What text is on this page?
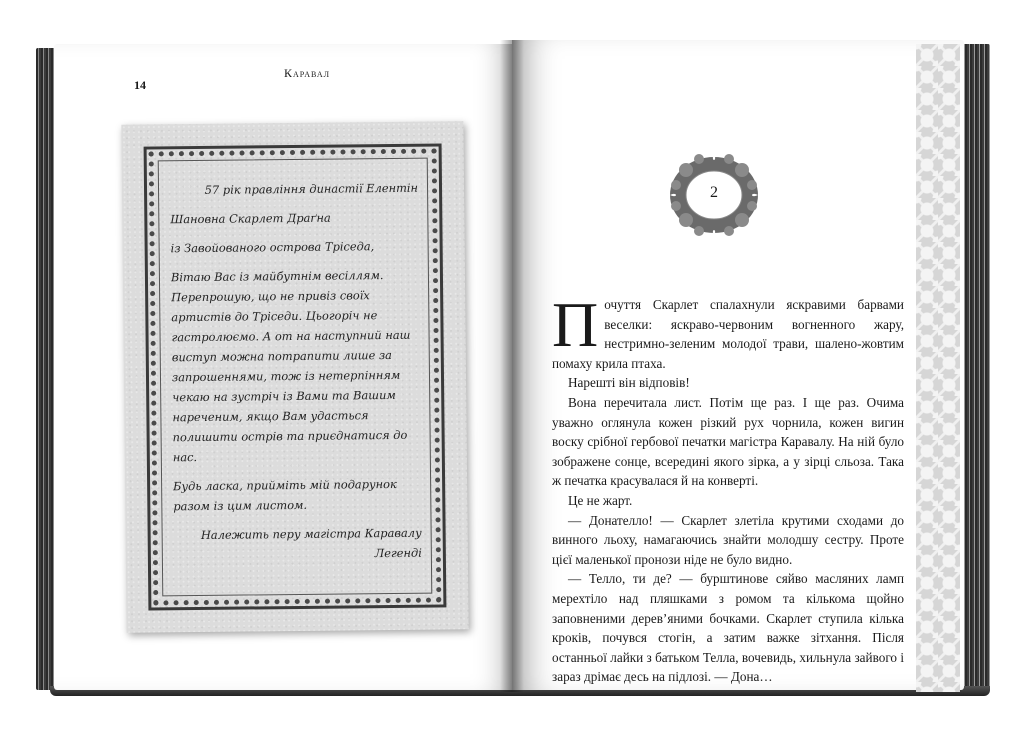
14
Каравал

57 рік правління династії Елентін

Шановна Скарлет Драґна

із Завойованого острова Тріседа,

Вітаю Вас із майбутнім весіллям. Перепрошую, що не привіз своїх артистів до Тріседи. Цьогоріч не гастролюємо. А от на наступний наш виступ можна потрапити лише за запрошеннями, тож із нетерпінням чекаю на зустріч із Вами та Вашим нареченим, якщо Вам удасться полишити острів та приєднатися до нас.

Будь ласка, прийміть мій подарунок разом із цим листом.

Належить перу магістра Каравалу

Легенді

2
П очуття Скарлет спалахнули яскравими барвами веселки: яскраво-червоним вогненного жару, нестримно-зеленим молодої трави, шалено-жовтим помаху крила птаха.

Нарешті він відповів!

Вона перечитала лист. Потім ще раз. І ще раз. Очима уважно оглянула кожен різкий рух чорнила, кожен вигин воску срібної гербової печатки магістра Каравалу. На ній було зображене сонце, всередині якого зірка, а у зірці сльоза. Така ж печатка красувалася й на конверті.

Це не жарт.

— Донателло! — Скарлет злетіла крутими сходами до винного льоху, намагаючись знайти молодшу сестру. Проте цієї маленької пронози ніде не було видно.

— Телло, ти де? — бурштинове сяйво масляних ламп мерехтіло над пляшками з ромом та кількома щойно заповненими дерев’яними бочками. Скарлет ступила кілька кроків, почувся стогін, а затим важке зітхання. Після останньої лайки з батьком Телла, вочевидь, хильнула зайвого і зараз дрімає десь на підлозі. — Дона…
